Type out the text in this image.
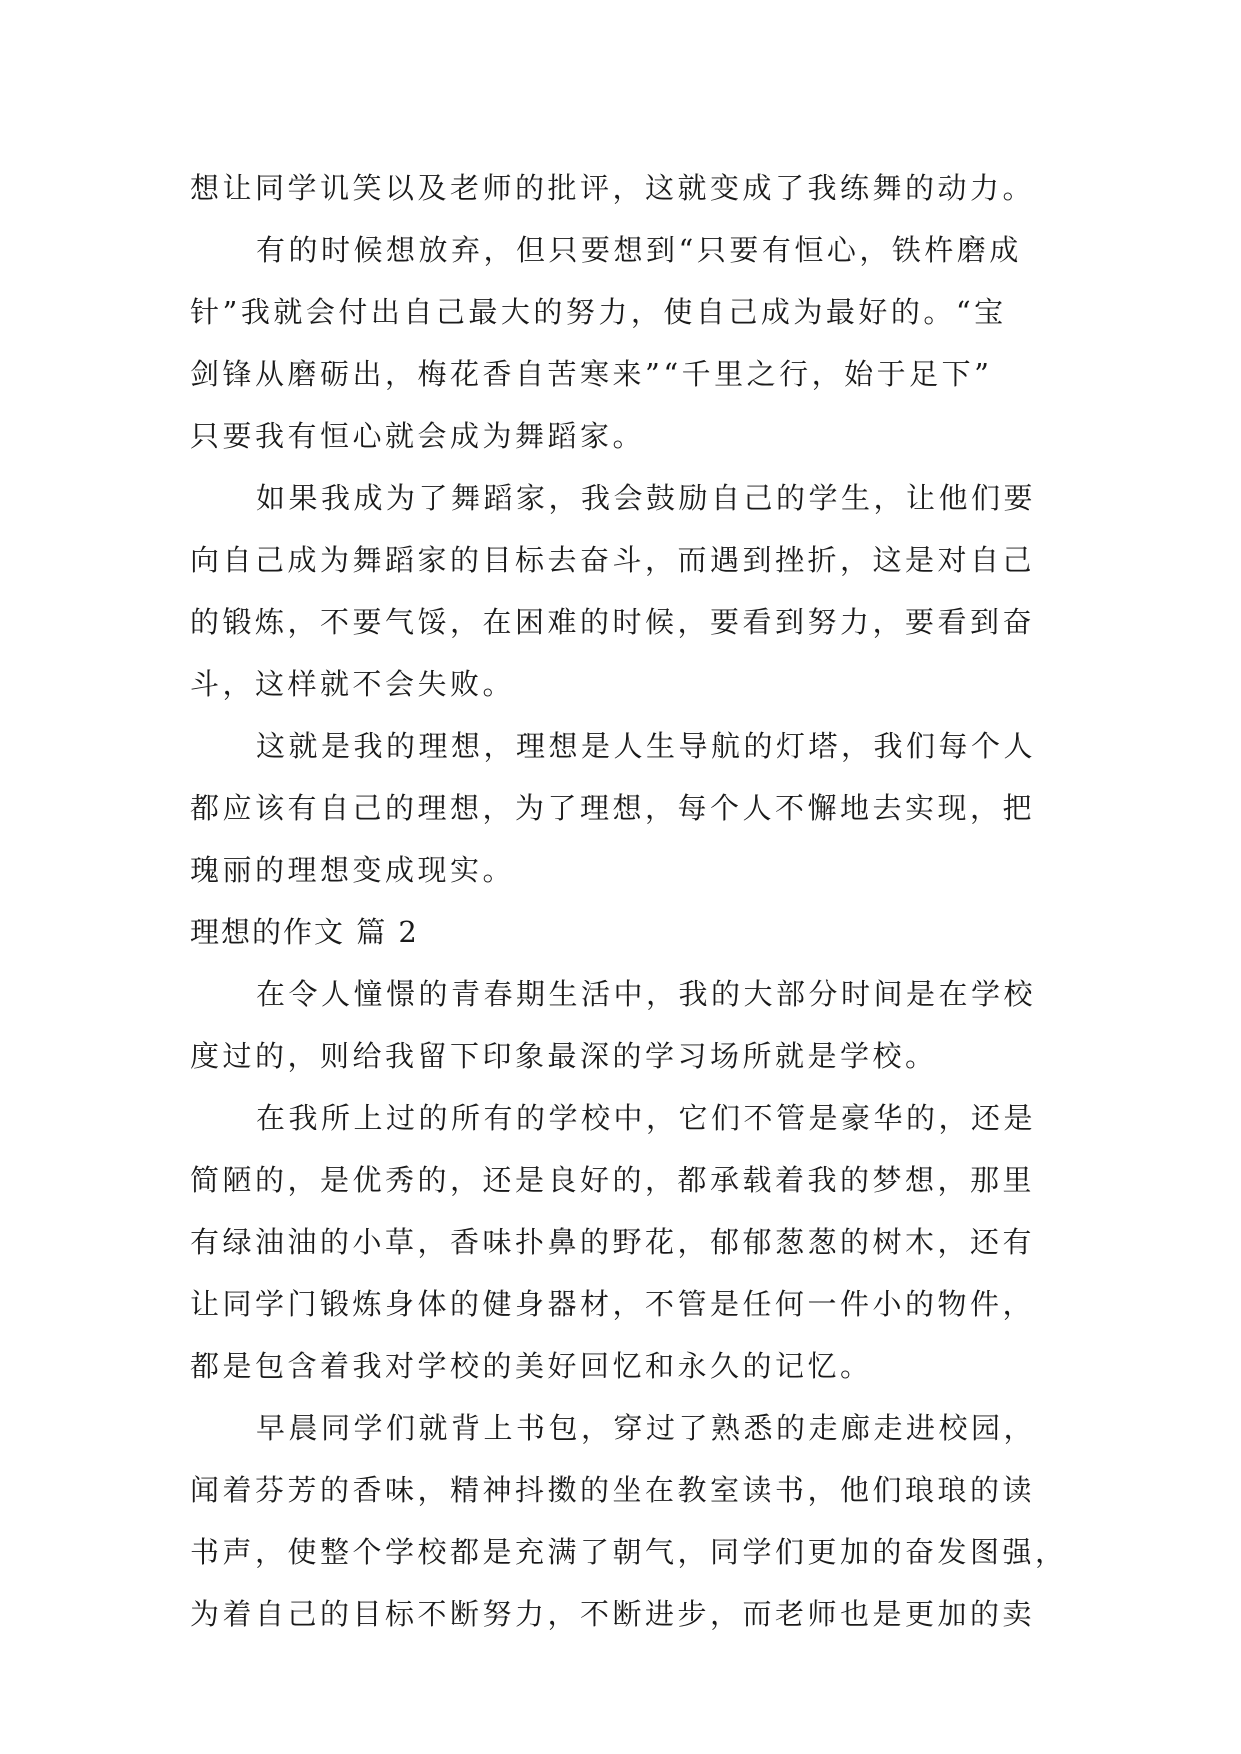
想让同学讥笑以及老师的批评，这就变成了我练舞的动力。
有的时候想放弃，但只要想到“只要有恒心，铁杵磨成
针”我就会付出自己最大的努力，使自己成为最好的。“宝
剑锋从磨砺出，梅花香自苦寒来”“千里之行，始于足下”
只要我有恒心就会成为舞蹈家。
如果我成为了舞蹈家，我会鼓励自己的学生，让他们要
向自己成为舞蹈家的目标去奋斗，而遇到挫折，这是对自己
的锻炼，不要气馁，在困难的时候，要看到努力，要看到奋
斗，这样就不会失败。
这就是我的理想，理想是人生导航的灯塔，我们每个人
都应该有自己的理想，为了理想，每个人不懈地去实现，把
瑰丽的理想变成现实。
理想的作文 篇 2
在令人憧憬的青春期生活中，我的大部分时间是在学校
度过的，则给我留下印象最深的学习场所就是学校。
在我所上过的所有的学校中，它们不管是豪华的，还是
简陋的，是优秀的，还是良好的，都承载着我的梦想，那里
有绿油油的小草，香味扑鼻的野花，郁郁葱葱的树木，还有
让同学门锻炼身体的健身器材，不管是任何一件小的物件，
都是包含着我对学校的美好回忆和永久的记忆。
早晨同学们就背上书包，穿过了熟悉的走廊走进校园，
闻着芬芳的香味，精神抖擞的坐在教室读书，他们琅琅的读
书声，使整个学校都是充满了朝气，同学们更加的奋发图强，
为着自己的目标不断努力，不断进步，而老师也是更加的卖
